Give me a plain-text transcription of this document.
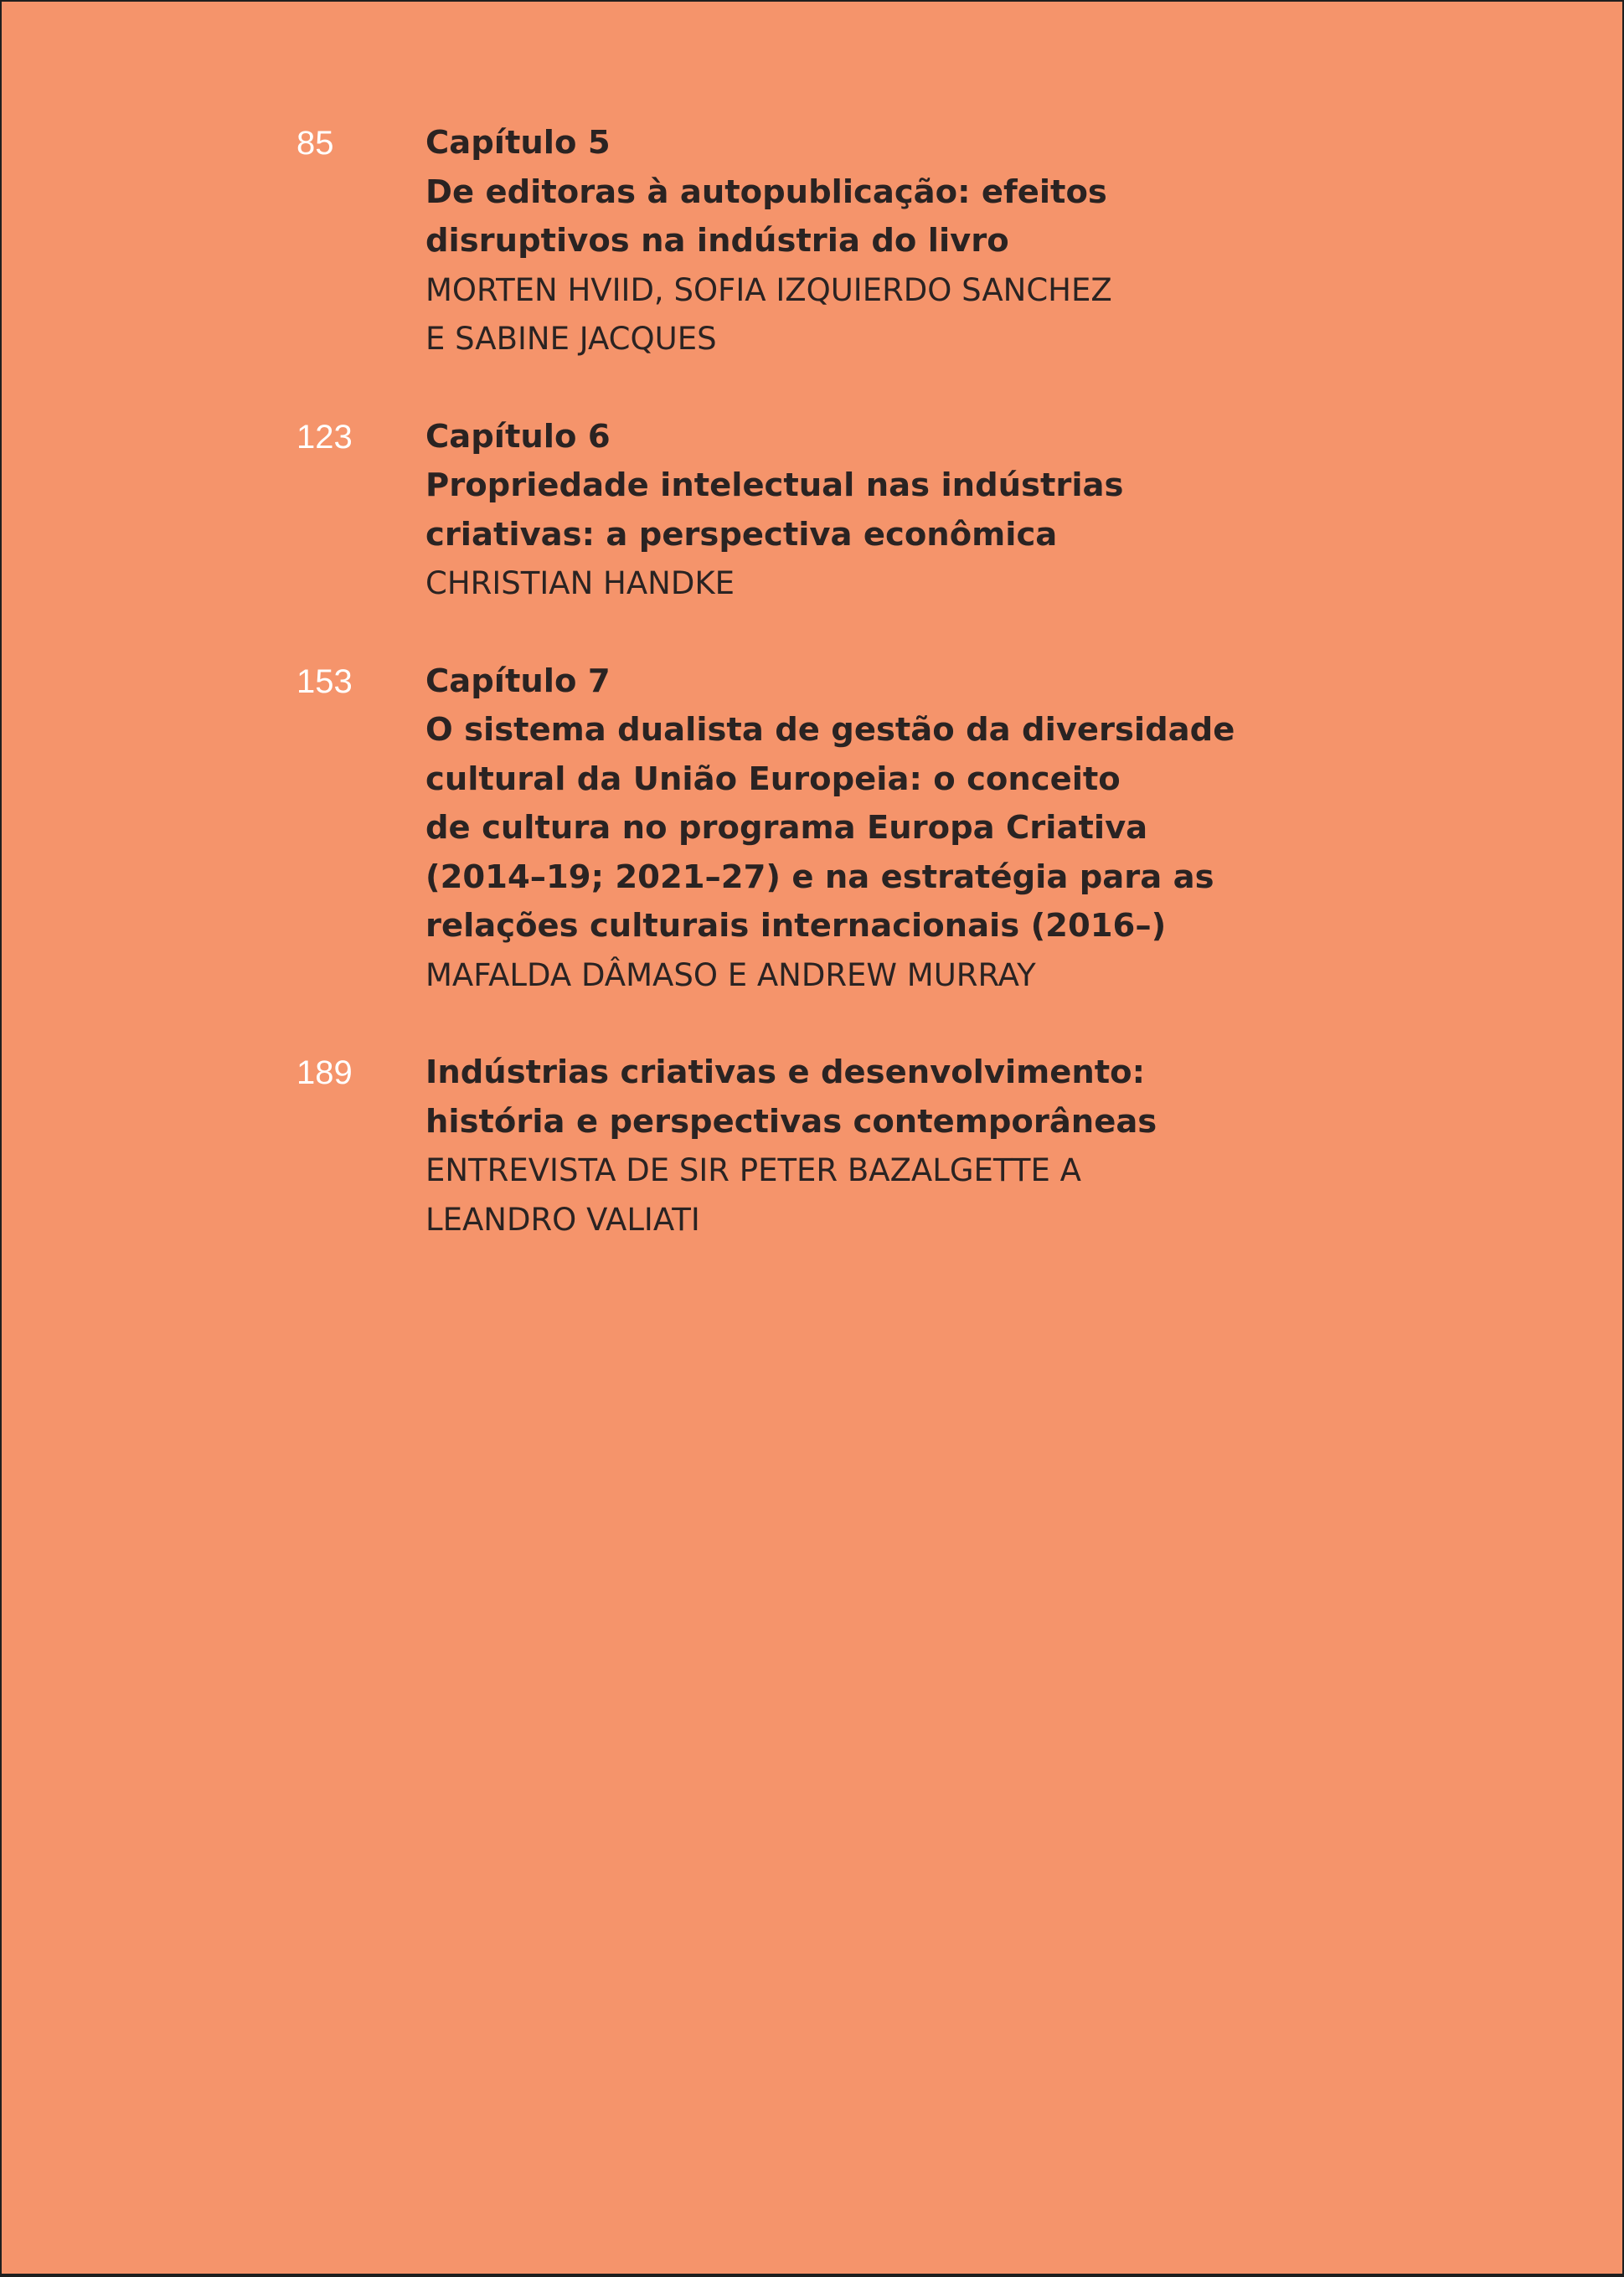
85	Capítulo 5
De editoras à autopublicação: efeitos
disruptivos na indústria do livro
MORTEN HVIID, SOFIA IZQUIERDO SANCHEZ
E SABINE JACQUES
123 Capítulo 6
Propriedade intelectual nas indústrias
criativas: a perspectiva econômica
CHRISTIAN HANDKE
153 Capítulo 7
O sistema dualista de gestão da diversidade
cultural da União Europeia: o conceito
de cultura no programa Europa Criativa
(2014–19; 2021–27) e na estratégia para as
relações culturais internacionais (2016–)
MAFALDA DÂMASO E ANDREW MURRAY
189 Indústrias criativas e desenvolvimento:
história e perspectivas contemporâneas
ENTREVISTA DE SIR PETER BAZALGETTE A
LEANDRO VALIATI
